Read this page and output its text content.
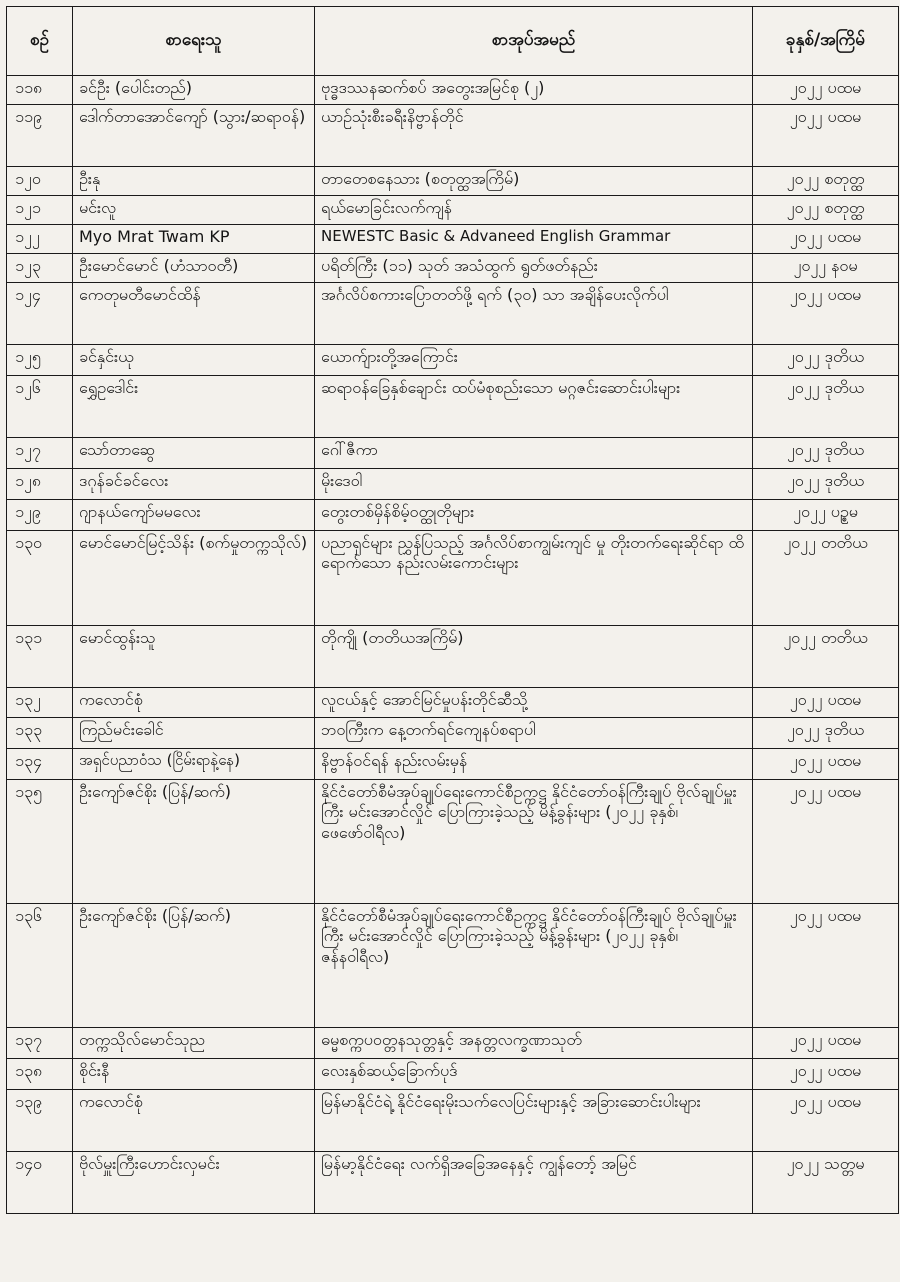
စဉ်	စာရေးသူ	စာအုပ်အမည်	ခုနှစ်/အကြိမ်
၁၁၈	ခင်ဦး (ပေါင်းတည်)	ဗုဒ္ဓဒဿနဆက်စပ် အတွေးအမြင်စု (၂)	၂၀၂၂ ပထမ
၁၁၉	ဒေါက်တာအောင်ကျော် (သွား/ဆရာဝန်)	ယာဉ်သုံးစီးခရီးနိဗ္ဗာန်တိုင်	၂၀၂၂ ပထမ
၁၂၀	ဦးနု	တာတေစနေသား (စတုတ္ထအကြိမ်)	၂၀၂၂ စတုတ္ထ
၁၂၁	မင်းလူ	ရယ်မောခြင်းလက်ကျန်	၂၀၂၂ စတုတ္ထ
၁၂၂	Myo Mrat Twam KP	NEWESTC Basic & Advaneed English Grammar	၂၀၂၂ ပထမ
၁၂၃	ဦးမောင်မောင် (ဟံသာဝတီ)	ပရိတ်ကြီး (၁၁) သုတ် အသံထွက် ရွတ်ဖတ်နည်း	၂၀၂၂ နဝမ
၁၂၄	ကေတုမတီမောင်ထိန်	အင်္ဂလိပ်စကားပြောတတ်ဖို့ ရက် (၃၀) သာ အချိန်ပေးလိုက်ပါ	၂၀၂၂ ပထမ
၁၂၅	ခင်နှင်းယု	ယောက်ျားတို့အကြောင်း	၂၀၂၂ ဒုတိယ
၁၂၆	ရွှေဥဒေါင်း	ဆရာဝန်ခြေနှစ်ချောင်း ထပ်မံစုစည်းသော မဂ္ဂဇင်းဆောင်းပါးများ	၂၀၂၂ ဒုတိယ
၁၂၇	သော်တာဆွေ	ဂေါ်ဇီကာ	၂၀၂၂ ဒုတိယ
၁၂၈	ဒဂုန်ခင်ခင်လေး	မိုးဒေဝါ	၂၀၂၂ ဒုတိယ
၁၂၉	ဂျာနယ်ကျော်မမလေး	တွေးတစ်မှိန်စိမ့်ဝတ္ထုတိုများ	၂၀၂၂ ပဥ္စမ
၁၃၀	မောင်မောင်မြင့်သိန်း (စက်မှုတက္ကသိုလ်)	ပညာရှင်များ ညွှန်ပြသည့် အင်္ဂလိပ်စာကျွမ်းကျင် မှု တိုးတက်ရေးဆိုင်ရာ ထိရောက်သော နည်းလမ်းကောင်းများ	၂၀၂၂ တတိယ
၁၃၁	မောင်ထွန်းသူ	တိုကျို (တတိယအကြိမ်)	၂၀၂၂ တတိယ
၁၃၂	ကလောင်စုံ	လူငယ်နှင့် အောင်မြင်မှုပန်းတိုင်ဆီသို့	၂၀၂၂ ပထမ
၁၃၃	ကြည်မင်းခေါင်	ဘဝကြီးက နေ့တက်ရင်ကျေနပ်စရာပါ	၂၀၂၂ ဒုတိယ
၁၃၄	အရှင်ပညာဝံသ (ငြိမ်းရာနဲ့နေ)	နိဗ္ဗာန်ဝင်ရန် နည်းလမ်းမှန်	၂၀၂၂ ပထမ
၁၃၅	ဦးကျော်ဇင်စိုး (ပြန်/ဆက်)	နိုင်ငံတော်စီမံအုပ်ချုပ်ရေးကောင်စီဥက္ကဋ္ဌ နိုင်ငံတော်ဝန်ကြီးချုပ် ဗိုလ်ချုပ်မှူးကြီး မင်းအောင်လှိုင် ပြောကြားခဲ့သည့် မိန့်ခွန်းများ (၂၀၂၂ ခုနှစ်၊ ဖေဖော်ဝါရီလ)	၂၀၂၂ ပထမ
၁၃၆	ဦးကျော်ဇင်စိုး (ပြန်/ဆက်)	နိုင်ငံတော်စီမံအုပ်ချုပ်ရေးကောင်စီဥက္ကဋ္ဌ နိုင်ငံတော်ဝန်ကြီးချုပ် ဗိုလ်ချုပ်မှူးကြီး မင်းအောင်လှိုင် ပြောကြားခဲ့သည့် မိန့်ခွန်းများ (၂၀၂၂ ခုနှစ်၊ ဇန်နဝါရီလ)	၂၀၂၂ ပထမ
၁၃၇	တက္ကသိုလ်မောင်သုည	ဓမ္မစက္ကပဝတ္တနသုတ္တနှင့် အနတ္တလက္ခဏာသုတ်	၂၀၂၂ ပထမ
၁၃၈	စိုင်းနီ	လေးနှစ်ဆယ့်ခြောက်ပုဒ်	၂၀၂၂ ပထမ
၁၃၉	ကလောင်စုံ	မြန်မာနိုင်ငံရဲ့ နိုင်ငံရေးမိုးသက်လေပြင်းများနှင့် အခြားဆောင်းပါးများ	၂၀၂၂ ပထမ
၁၄၀	ဗိုလ်မှူးကြီးဟောင်းလှမင်း	မြန်မာ့နိုင်ငံရေး လက်ရှိအခြေအနေနှင့် ကျွန်တော့် အမြင်	၂၀၂၂ သတ္တမ
